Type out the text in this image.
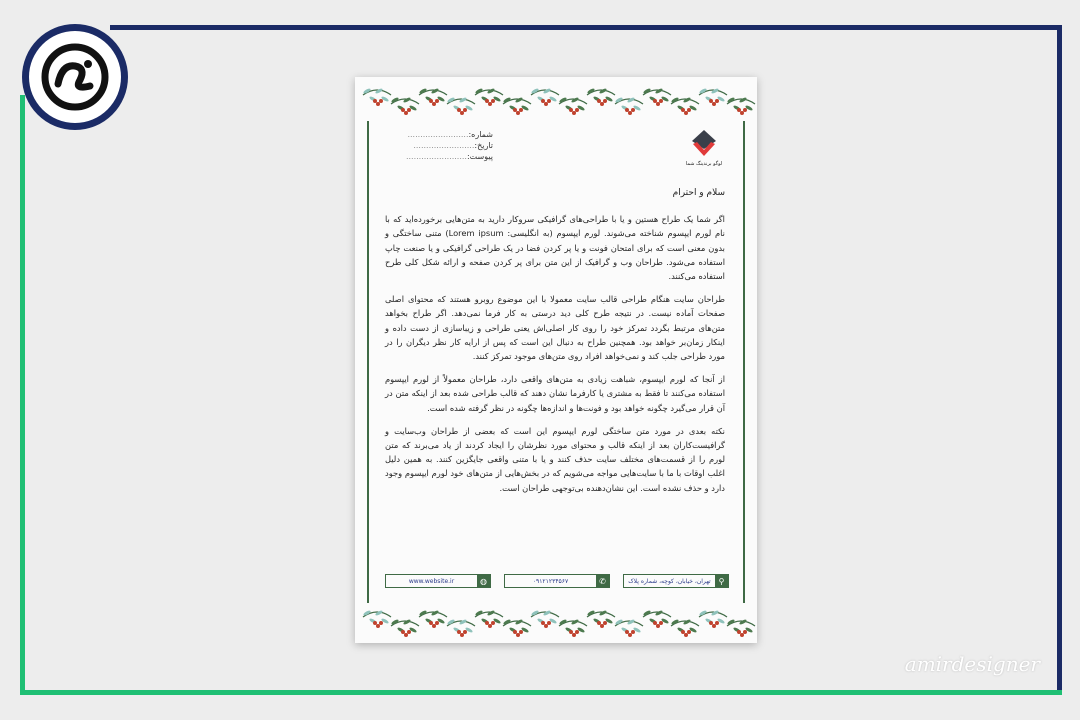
شماره:........................
تاریخ:........................
پیوست:........................
لوگو برندینگ شما

سلام و احترام

اگر شما یک طراح هستین و یا با طراحی‌های گرافیکی سروکار دارید به متن‌هایی برخورده‌اید که با نام لورم ایپسوم شناخته می‌شوند. لورم ایپسوم (به انگلیسی: Lorem ipsum) متنی ساختگی و بدون معنی است که برای امتحان فونت و یا پر کردن فضا در یک طراحی گرافیکی و یا صنعت چاپ استفاده می‌شود. طراحان وب و گرافیک از این متن برای پر کردن صفحه و ارائه شکل کلی طرح استفاده می‌کنند.

طراحان سایت هنگام طراحی قالب سایت معمولا با این موضوع روبرو هستند که محتوای اصلی صفحات آماده نیست. در نتیجه طرح کلی دید درستی به کار فرما نمی‌دهد. اگر طراح بخواهد متن‌های مرتبط بگردد تمرکز خود را روی کار اصلی‌اش یعنی طراحی و زیباسازی از دست داده و اینکار زمان‌بر خواهد بود. همچنین طراح به دنبال این است که پس از ارایه کار نظر دیگران را در مورد طراحی جلب کند و نمی‌خواهد افراد روی متن‌های موجود تمرکز کنند.

از آنجا که لورم ایپسوم، شباهت زیادی به متن‌های واقعی دارد، طراحان معمولاً از لورم ایپسوم استفاده می‌کنند تا فقط به مشتری یا کارفرما نشان دهند که قالب طراحی شده بعد از اینکه متن در آن قرار می‌گیرد چگونه خواهد بود و فونت‌ها و اندازه‌ها چگونه در نظر گرفته شده است.

نکته بعدی در مورد متن ساختگی لورم ایپسوم این است که بعضی از طراحان وب‌سایت و گرافیست‌کاران بعد از اینکه قالب و محتوای مورد نظرشان را ایجاد کردند از یاد می‌برند که متن لورم را از قسمت‌های مختلف سایت حذف کنند و یا با متنی واقعی جایگزین کنند. به همین دلیل اغلب اوقات با ما با سایت‌هایی مواجه می‌شویم که در بخش‌هایی از متن‌های خود لورم ایپسوم وجود دارد و حذف نشده است. این نشان‌دهنده بی‌توجهی طراحان است.

www.website.ir	◍	۰۹۱۲۱۲۳۴۵۶۷	✆	تهران، خیابان، کوچه، شماره پلاک ⚲
amirdesigner
